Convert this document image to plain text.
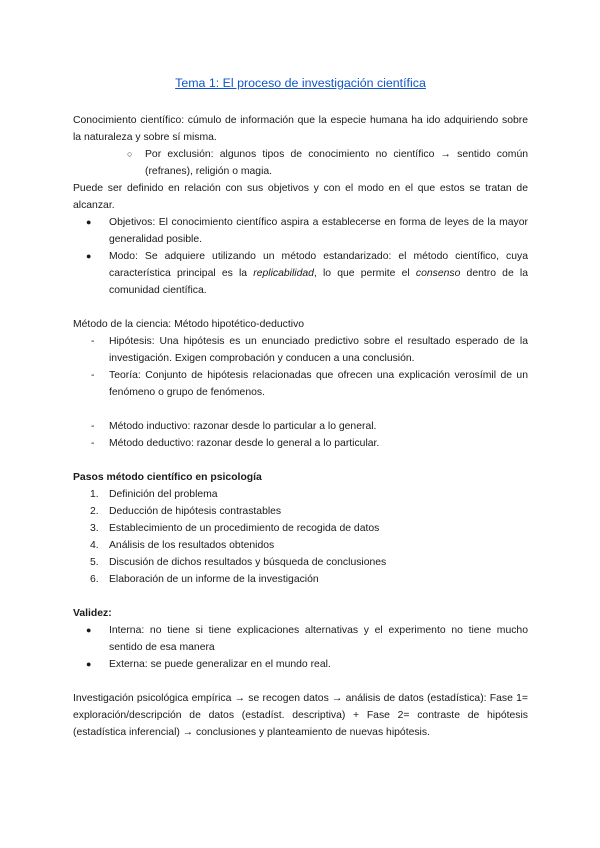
Tema 1: El proceso de investigación científica

Conocimiento científico: cúmulo de información que la especie humana ha ido adquiriendo sobre la naturaleza y sobre sí misma.

○ Por exclusión: algunos tipos de conocimiento no científico → sentido común (refranes), religión o magia.

Puede ser definido en relación con sus objetivos y con el modo en el que estos se tratan de alcanzar.

● Objetivos: El conocimiento científico aspira a establecerse en forma de leyes de la mayor generalidad posible.
● Modo: Se adquiere utilizando un método estandarizado: el método científico, cuya característica principal es la replicabilidad, lo que permite el consenso dentro de la comunidad científica.

Método de la ciencia: Método hipotético-deductivo

- Hipótesis: Una hipótesis es un enunciado predictivo sobre el resultado esperado de la investigación. Exigen comprobación y conducen a una conclusión.
- Teoría: Conjunto de hipótesis relacionadas que ofrecen una explicación verosímil de un fenómeno o grupo de fenómenos.
- Método inductivo: razonar desde lo particular a lo general.
- Método deductivo: razonar desde lo general a lo particular.

Pasos método científico en psicología

1. Definición del problema
2. Deducción de hipótesis contrastables
3. Establecimiento de un procedimiento de recogida de datos
4. Análisis de los resultados obtenidos
5. Discusión de dichos resultados y búsqueda de conclusiones
6. Elaboración de un informe de la investigación

Validez:

● Interna: no tiene si tiene explicaciones alternativas y el experimento no tiene mucho sentido de esa manera
● Externa: se puede generalizar en el mundo real.

Investigación psicológica empírica → se recogen datos → análisis de datos (estadística): Fase 1= exploración/descripción de datos (estadíst. descriptiva) + Fase 2= contraste de hipótesis (estadística inferencial) → conclusiones y planteamiento de nuevas hipótesis.
